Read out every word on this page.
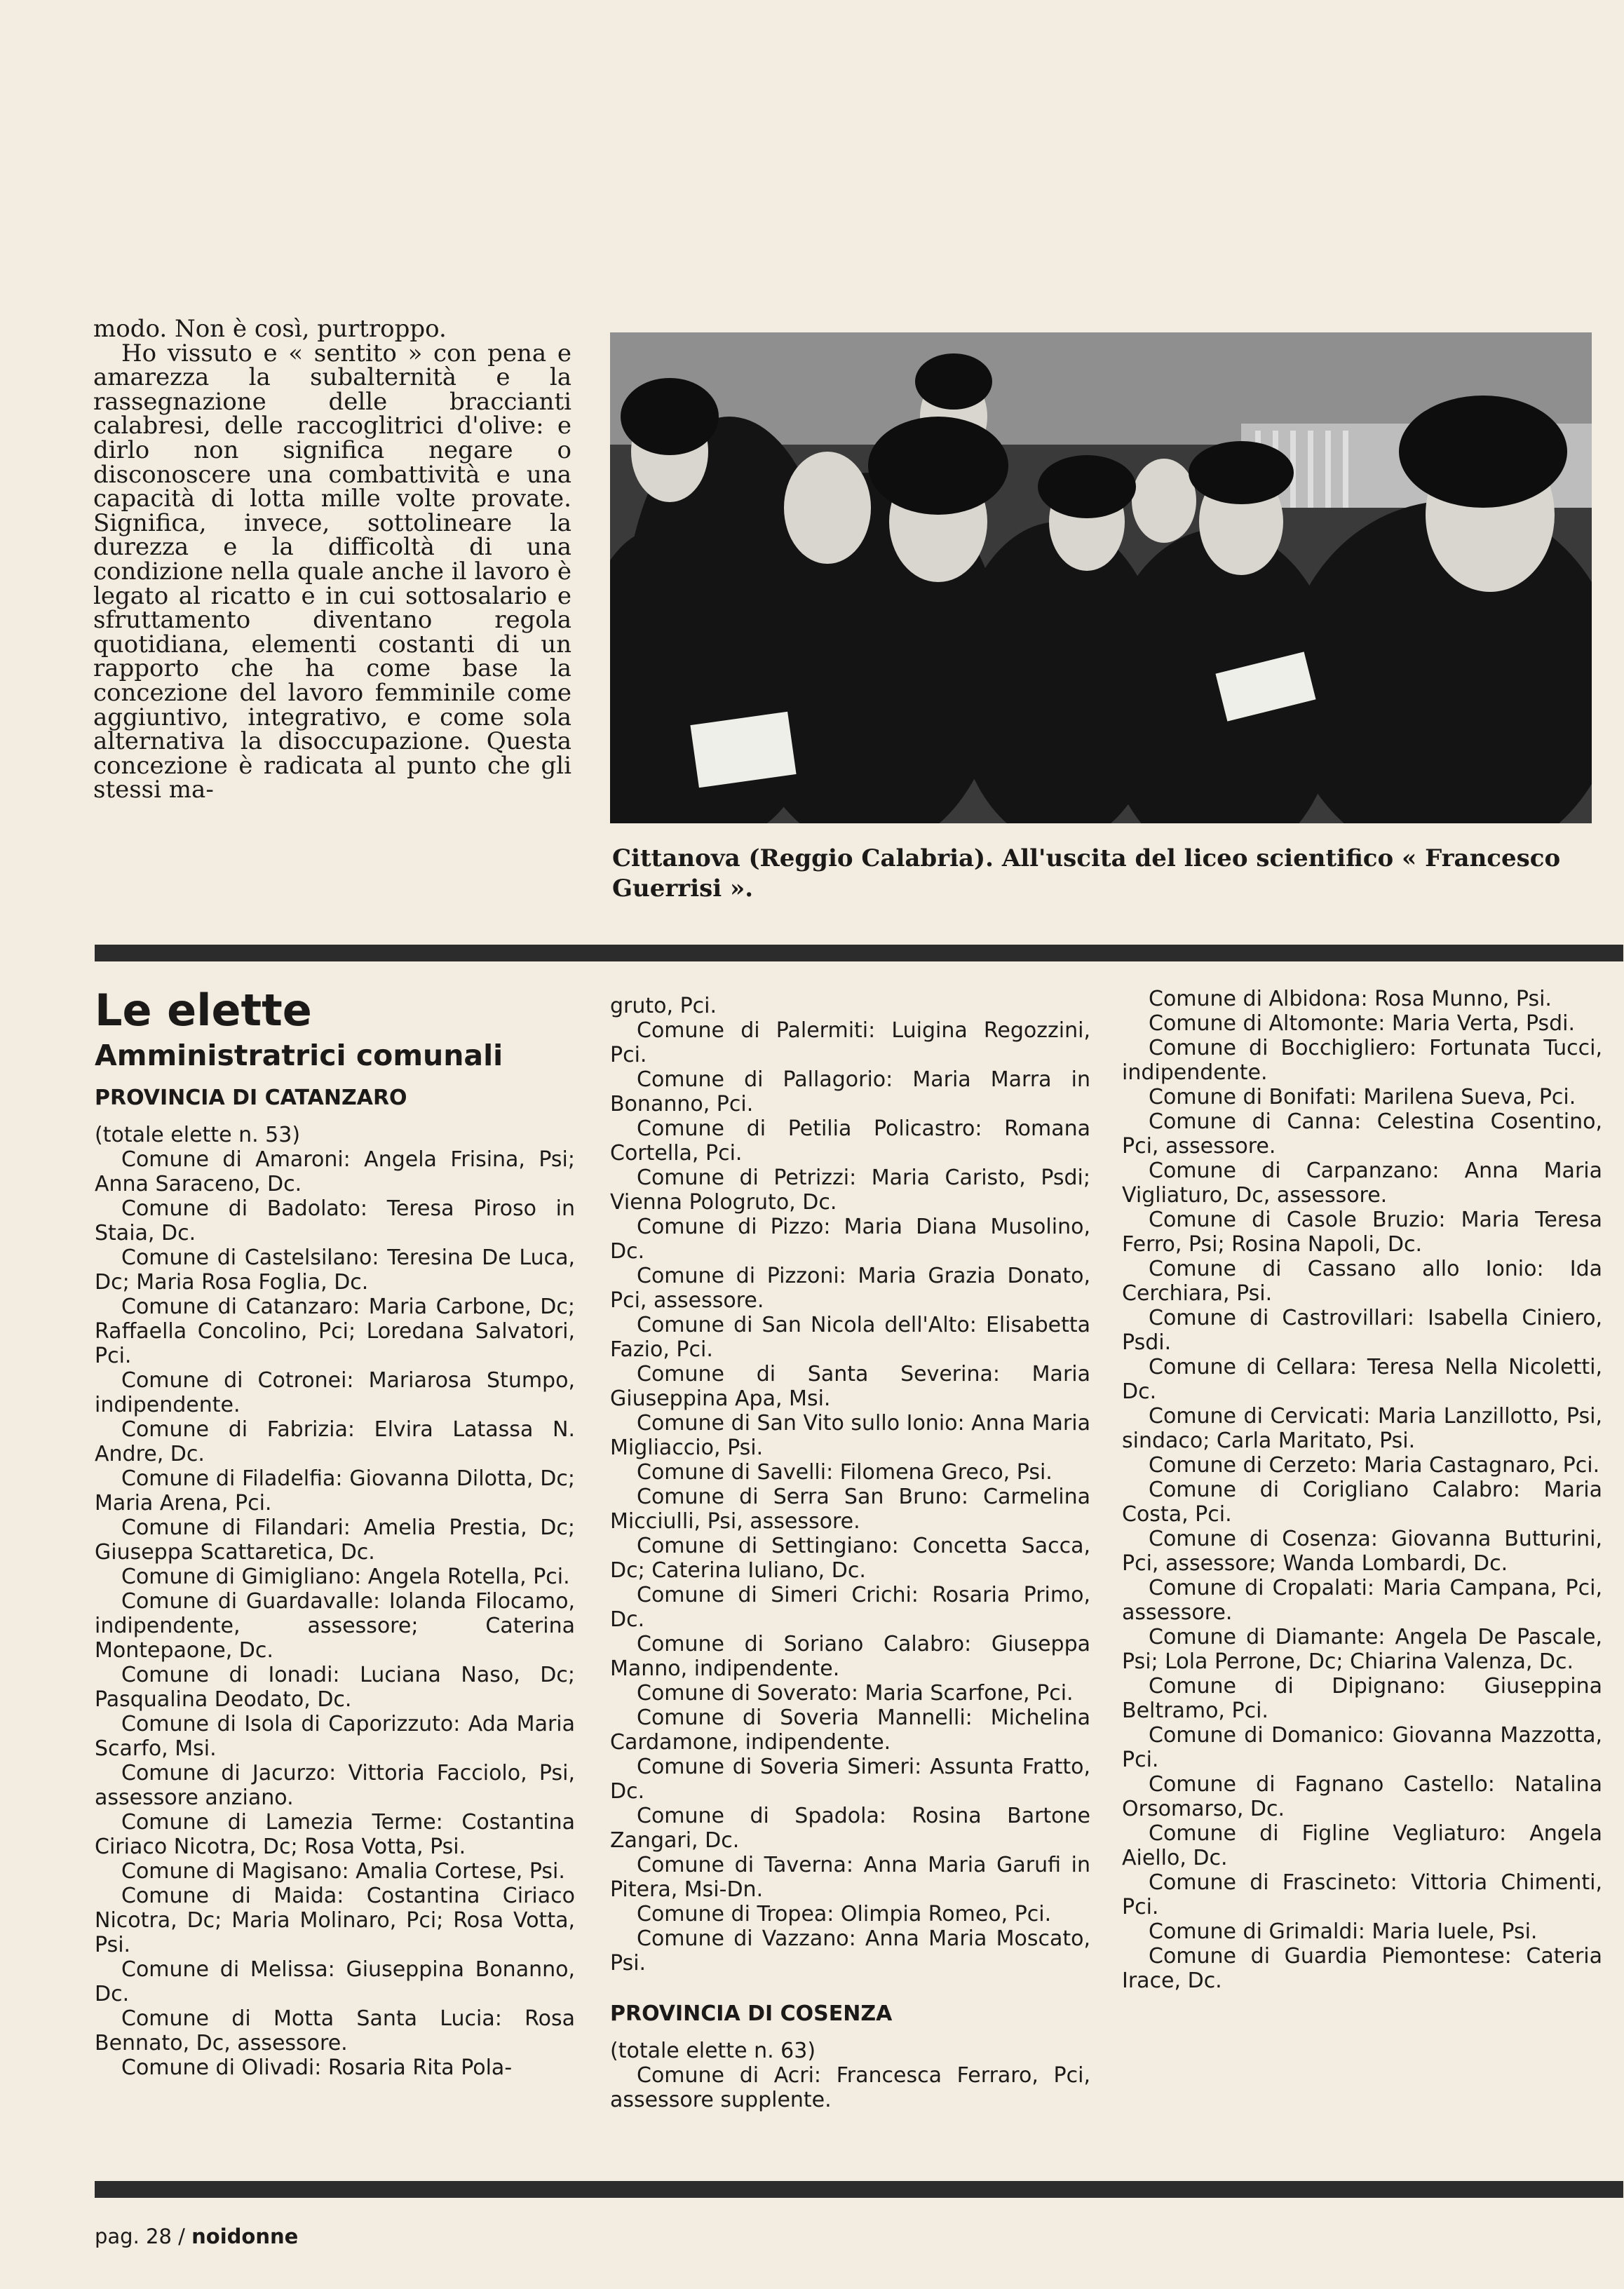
modo. Non è così, purtroppo.

Ho vissuto e « sentito » con pena e amarezza la subalternità e la rassegnazione delle braccianti calabresi, delle raccoglitrici d'olive: e dirlo non significa negare o disconoscere una combattività e una capacità di lotta mille volte provate. Significa, invece, sottolineare la durezza e la difficoltà di una condizione nella quale anche il lavoro è legato al ricatto e in cui sottosalario e sfruttamento diventano regola quotidiana, elementi costanti di un rapporto che ha come base la concezione del lavoro femminile come aggiuntivo, integrativo, e come sola alternativa la disoccupazione. Questa concezione è radicata al punto che gli stessi ma-

Cittanova (Reggio Calabria). All'uscita del liceo scientifico « Francesco Guerrisi ».
Le elette
Amministratrici comunali
PROVINCIA DI CATANZARO

(totale elette n. 53)

Comune di Amaroni: Angela Frisina, Psi; Anna Saraceno, Dc.

Comune di Badolato: Teresa Piroso in Staia, Dc.

Comune di Castelsilano: Teresina De Luca, Dc; Maria Rosa Foglia, Dc.

Comune di Catanzaro: Maria Carbone, Dc; Raffaella Concolino, Pci; Loredana Salvatori, Pci.

Comune di Cotronei: Mariarosa Stumpo, indipendente.

Comune di Fabrizia: Elvira Latassa N. Andre, Dc.

Comune di Filadelfia: Giovanna Dilotta, Dc; Maria Arena, Pci.

Comune di Filandari: Amelia Prestia, Dc; Giuseppa Scattaretica, Dc.

Comune di Gimigliano: Angela Rotella, Pci.

Comune di Guardavalle: Iolanda Filocamo, indipendente, assessore; Caterina Montepaone, Dc.

Comune di Ionadi: Luciana Naso, Dc; Pasqualina Deodato, Dc.

Comune di Isola di Caporizzuto: Ada Maria Scarfo, Msi.

Comune di Jacurzo: Vittoria Facciolo, Psi, assessore anziano.

Comune di Lamezia Terme: Costantina Ciriaco Nicotra, Dc; Rosa Votta, Psi.

Comune di Magisano: Amalia Cortese, Psi.

Comune di Maida: Costantina Ciriaco Nicotra, Dc; Maria Molinaro, Pci; Rosa Votta, Psi.

Comune di Melissa: Giuseppina Bonanno, Dc.

Comune di Motta Santa Lucia: Rosa Bennato, Dc, assessore.

Comune di Olivadi: Rosaria Rita Pola-

gruto, Pci.

Comune di Palermiti: Luigina Regozzini, Pci.

Comune di Pallagorio: Maria Marra in Bonanno, Pci.

Comune di Petilia Policastro: Romana Cortella, Pci.

Comune di Petrizzi: Maria Caristo, Psdi; Vienna Pologruto, Dc.

Comune di Pizzo: Maria Diana Musolino, Dc.

Comune di Pizzoni: Maria Grazia Donato, Pci, assessore.

Comune di San Nicola dell'Alto: Elisabetta Fazio, Pci.

Comune di Santa Severina: Maria Giuseppina Apa, Msi.

Comune di San Vito sullo Ionio: Anna Maria Migliaccio, Psi.

Comune di Savelli: Filomena Greco, Psi.

Comune di Serra San Bruno: Carmelina Micciulli, Psi, assessore.

Comune di Settingiano: Concetta Sacca, Dc; Caterina Iuliano, Dc.

Comune di Simeri Crichi: Rosaria Primo, Dc.

Comune di Soriano Calabro: Giuseppa Manno, indipendente.

Comune di Soverato: Maria Scarfone, Pci.

Comune di Soveria Mannelli: Michelina Cardamone, indipendente.

Comune di Soveria Simeri: Assunta Fratto, Dc.

Comune di Spadola: Rosina Bartone Zangari, Dc.

Comune di Taverna: Anna Maria Garufi in Pitera, Msi-Dn.

Comune di Tropea: Olimpia Romeo, Pci.

Comune di Vazzano: Anna Maria Moscato, Psi.

PROVINCIA DI COSENZA

(totale elette n. 63)

Comune di Acri: Francesca Ferraro, Pci, assessore supplente.

Comune di Albidona: Rosa Munno, Psi.

Comune di Altomonte: Maria Verta, Psdi.

Comune di Bocchigliero: Fortunata Tucci, indipendente.

Comune di Bonifati: Marilena Sueva, Pci.

Comune di Canna: Celestina Cosentino, Pci, assessore.

Comune di Carpanzano: Anna Maria Vigliaturo, Dc, assessore.

Comune di Casole Bruzio: Maria Teresa Ferro, Psi; Rosina Napoli, Dc.

Comune di Cassano allo Ionio: Ida Cerchiara, Psi.

Comune di Castrovillari: Isabella Ciniero, Psdi.

Comune di Cellara: Teresa Nella Nicoletti, Dc.

Comune di Cervicati: Maria Lanzillotto, Psi, sindaco; Carla Maritato, Psi.

Comune di Cerzeto: Maria Castagnaro, Pci.

Comune di Corigliano Calabro: Maria Costa, Pci.

Comune di Cosenza: Giovanna Butturini, Pci, assessore; Wanda Lombardi, Dc.

Comune di Cropalati: Maria Campana, Pci, assessore.

Comune di Diamante: Angela De Pascale, Psi; Lola Perrone, Dc; Chiarina Valenza, Dc.

Comune di Dipignano: Giuseppina Beltramo, Pci.

Comune di Domanico: Giovanna Mazzotta, Pci.

Comune di Fagnano Castello: Natalina Orsomarso, Dc.

Comune di Figline Vegliaturo: Angela Aiello, Dc.

Comune di Frascineto: Vittoria Chimenti, Pci.

Comune di Grimaldi: Maria Iuele, Psi.

Comune di Guardia Piemontese: Cateria Irace, Dc.

pag. 28 / noidonne
